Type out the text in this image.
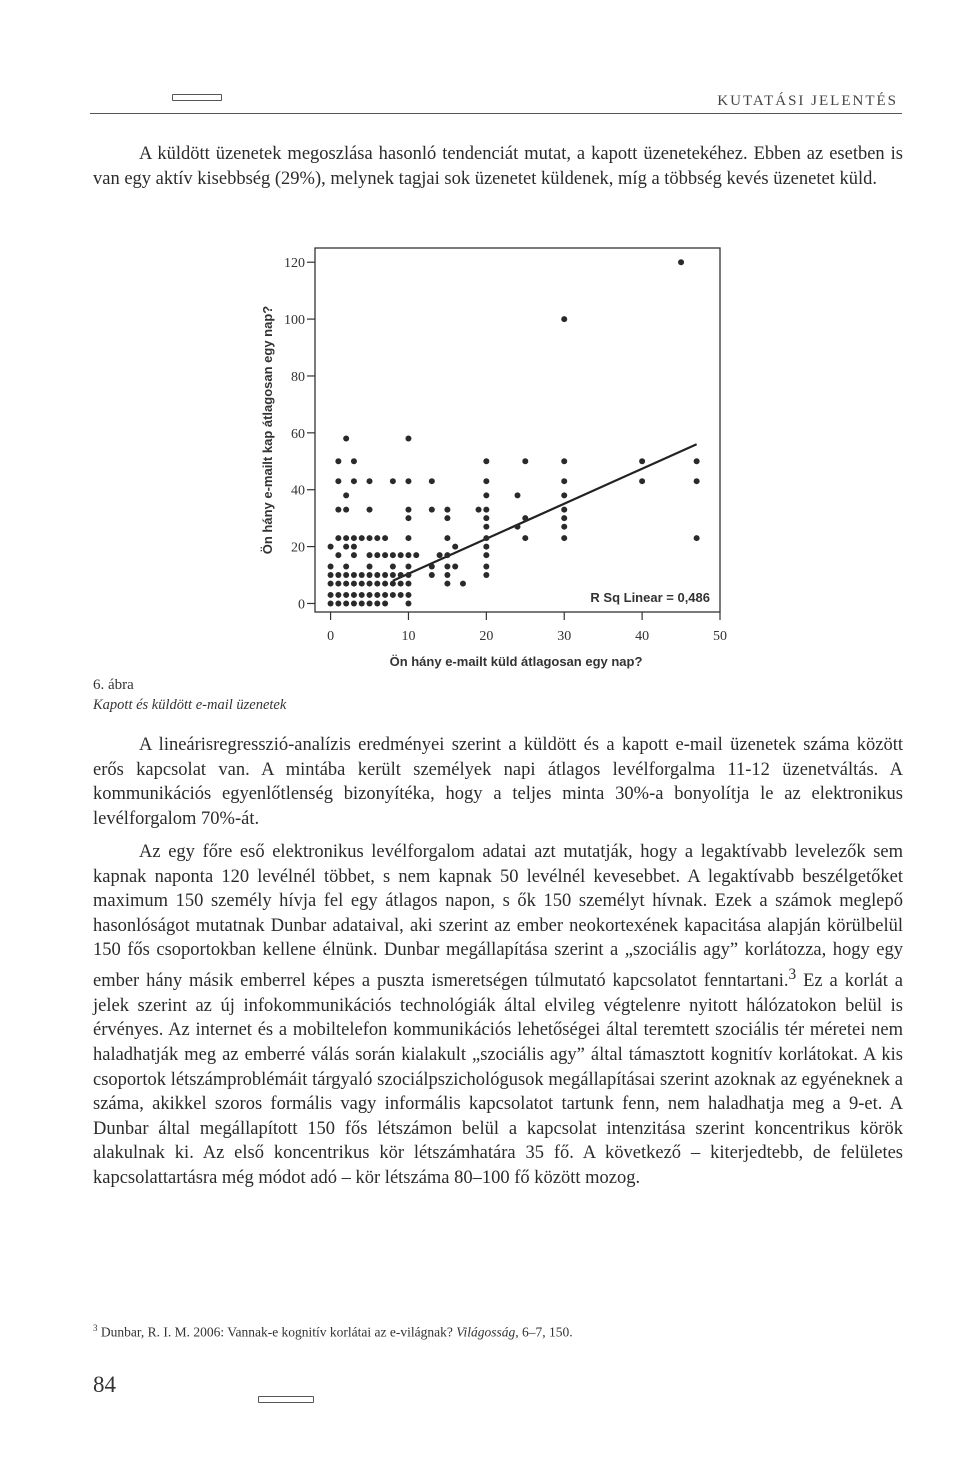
KUTATÁSI JELENTÉS

A küldött üzenetek megoszlása hasonló tendenciát mutat, a kapott üzenetekéhez. Ebben az esetben is van egy aktív kisebbség (29%), melynek tagjai sok üzenetet küldenek, míg a többség kevés üzenetet küld.

0
20
40
60
80
100
120
0	10	20	30	40	50
Ön hány e-mailt kap átlagosan egy nap?
Ön hány e-mailt küld átlagosan egy nap?
R Sq Linear = 0,486
6. ábra
Kapott és küldött e-mail üzenetek

A lineárisregresszió-analízis eredményei szerint a küldött és a kapott e-mail üzenetek száma között erős kapcsolat van. A mintába került személyek napi átlagos levélforgalma 11-12 üzenetváltás. A kommunikációs egyenlőtlenség bizonyítéka, hogy a teljes minta 30%-a bonyolítja le az elektronikus levélforgalom 70%-át.

Az egy főre eső elektronikus levélforgalom adatai azt mutatják, hogy a legaktívabb levelezők sem kapnak naponta 120 levélnél többet, s nem kapnak 50 levélnél kevesebbet. A legaktívabb beszélgetőket maximum 150 személy hívja fel egy átlagos napon, s ők 150 személyt hívnak. Ezek a számok meglepő hasonlóságot mutatnak Dunbar adataival, aki szerint az ember neokortexének kapacitása alapján körülbelül 150 fős csoportokban kellene élnünk. Dunbar megállapítása szerint a „szociális agy” korlátozza, hogy egy ember hány másik emberrel képes a puszta ismeretségen túlmutató kapcsolatot fenntartani.$^3$ Ez a korlát a jelek szerint az új infokommunikációs technológiák által elvileg végtelenre nyitott hálózatokon belül is érvényes. Az internet és a mobiltelefon kommunikációs lehetőségei által teremtett szociális tér méretei nem haladhatják meg az emberré válás során kialakult „szociális agy” által támasztott kognitív korlátokat. A kis csoportok létszámproblémáit tárgyaló szociálpszichológusok megállapításai szerint azoknak az egyéneknek a száma, akikkel szoros formális vagy informális kapcsolatot tartunk fenn, nem haladhatja meg a 9-et. A Dunbar által megállapított 150 fős létszámon belül a kapcsolat intenzitása szerint koncentrikus körök alakulnak ki. Az első koncentrikus kör létszámhatára 35 fő. A következő – kiterjedtebb, de felületes kapcsolattartásra még módot adó – kör létszáma 80–100 fő között mozog.

$^3$ Dunbar, R. I. M. 2006: Vannak-e kognitív korlátai az e-világnak? Világosság, 6–7, 150.
84
